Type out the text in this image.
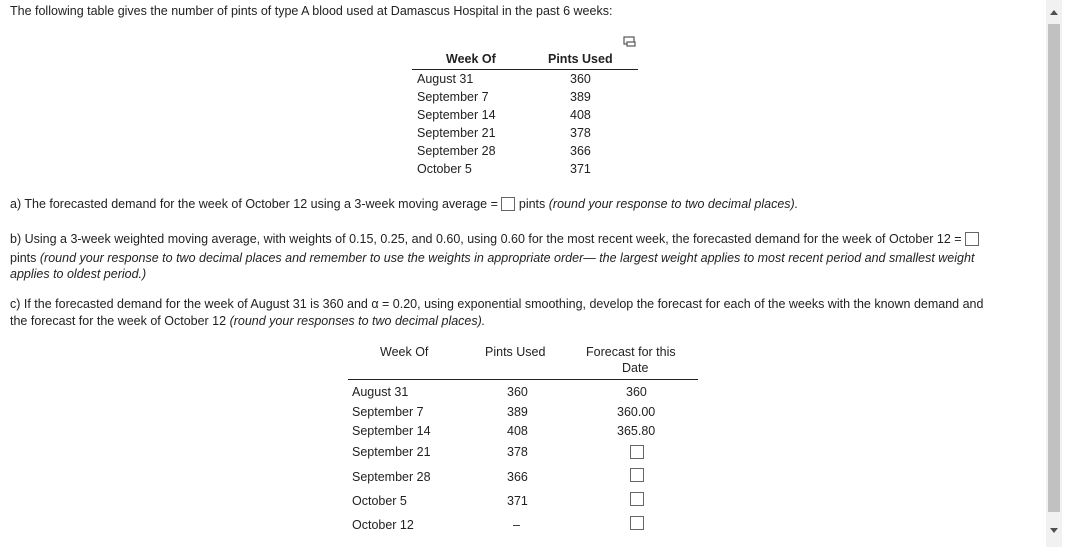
The following table gives the number of pints of type A blood used at Damascus Hospital in the past 6 weeks:
Week Of	Pints Used
August 31	360
September 7	389
September 14	408
September 21	378
September 28	366
October 5	371
a) The forecasted demand for the week of October 12 using a 3-week moving average = pints (round your response to two decimal places).
b) Using a 3-week weighted moving average, with weights of 0.15, 0.25, and 0.60, using 0.60 for the most recent week, the forecasted demand for the week of October 12 =
pints (round your response to two decimal places and remember to use the weights in appropriate order— the largest weight applies to most recent period and smallest weight
applies to oldest period.)
c) If the forecasted demand for the week of August 31 is 360 and α = 0.20, using exponential smoothing, develop the forecast for each of the weeks with the known demand and
the forecast for the week of October 12 (round your responses to two decimal places).
Week Of	Pints Used	Forecast for this
Date
August 31	360	360
September 7	389	360.00
September 14	408	365.80
September 21	378
September 28	366
October 5	371
October 12	–
